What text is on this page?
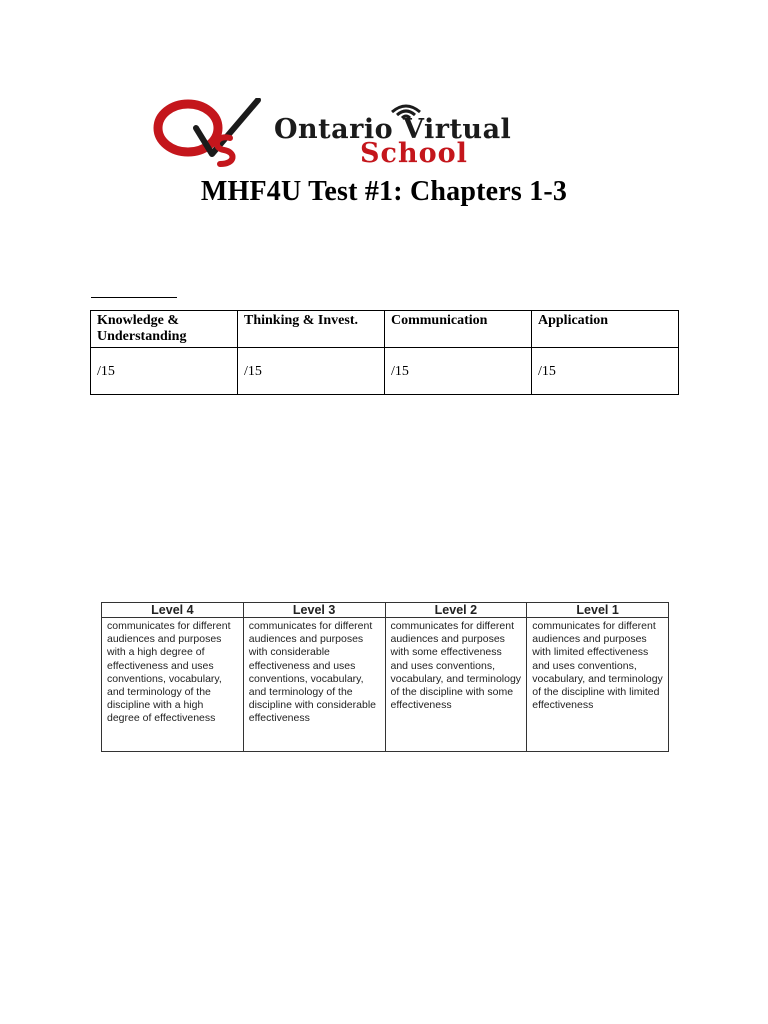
Ontario Virtual
School
MHF4U Test #1: Chapters 1-3
Knowledge & Understanding	Thinking & Invest.	Communication	Application
/15	/15	/15	/15
Level 4	Level 3	Level 2	Level 1
communicates for different audiences and purposes with a high degree of effectiveness and uses conventions, vocabulary, and terminology of the discipline with a high degree of effectiveness	communicates for different audiences and purposes with considerable effectiveness and uses conventions, vocabulary, and terminology of the discipline with considerable effectiveness	communicates for different audiences and purposes with some effectiveness and uses conventions, vocabulary, and terminology of the discipline with some effectiveness	communicates for different audiences and purposes with limited effectiveness and uses conventions, vocabulary, and terminology of the discipline with limited effectiveness
